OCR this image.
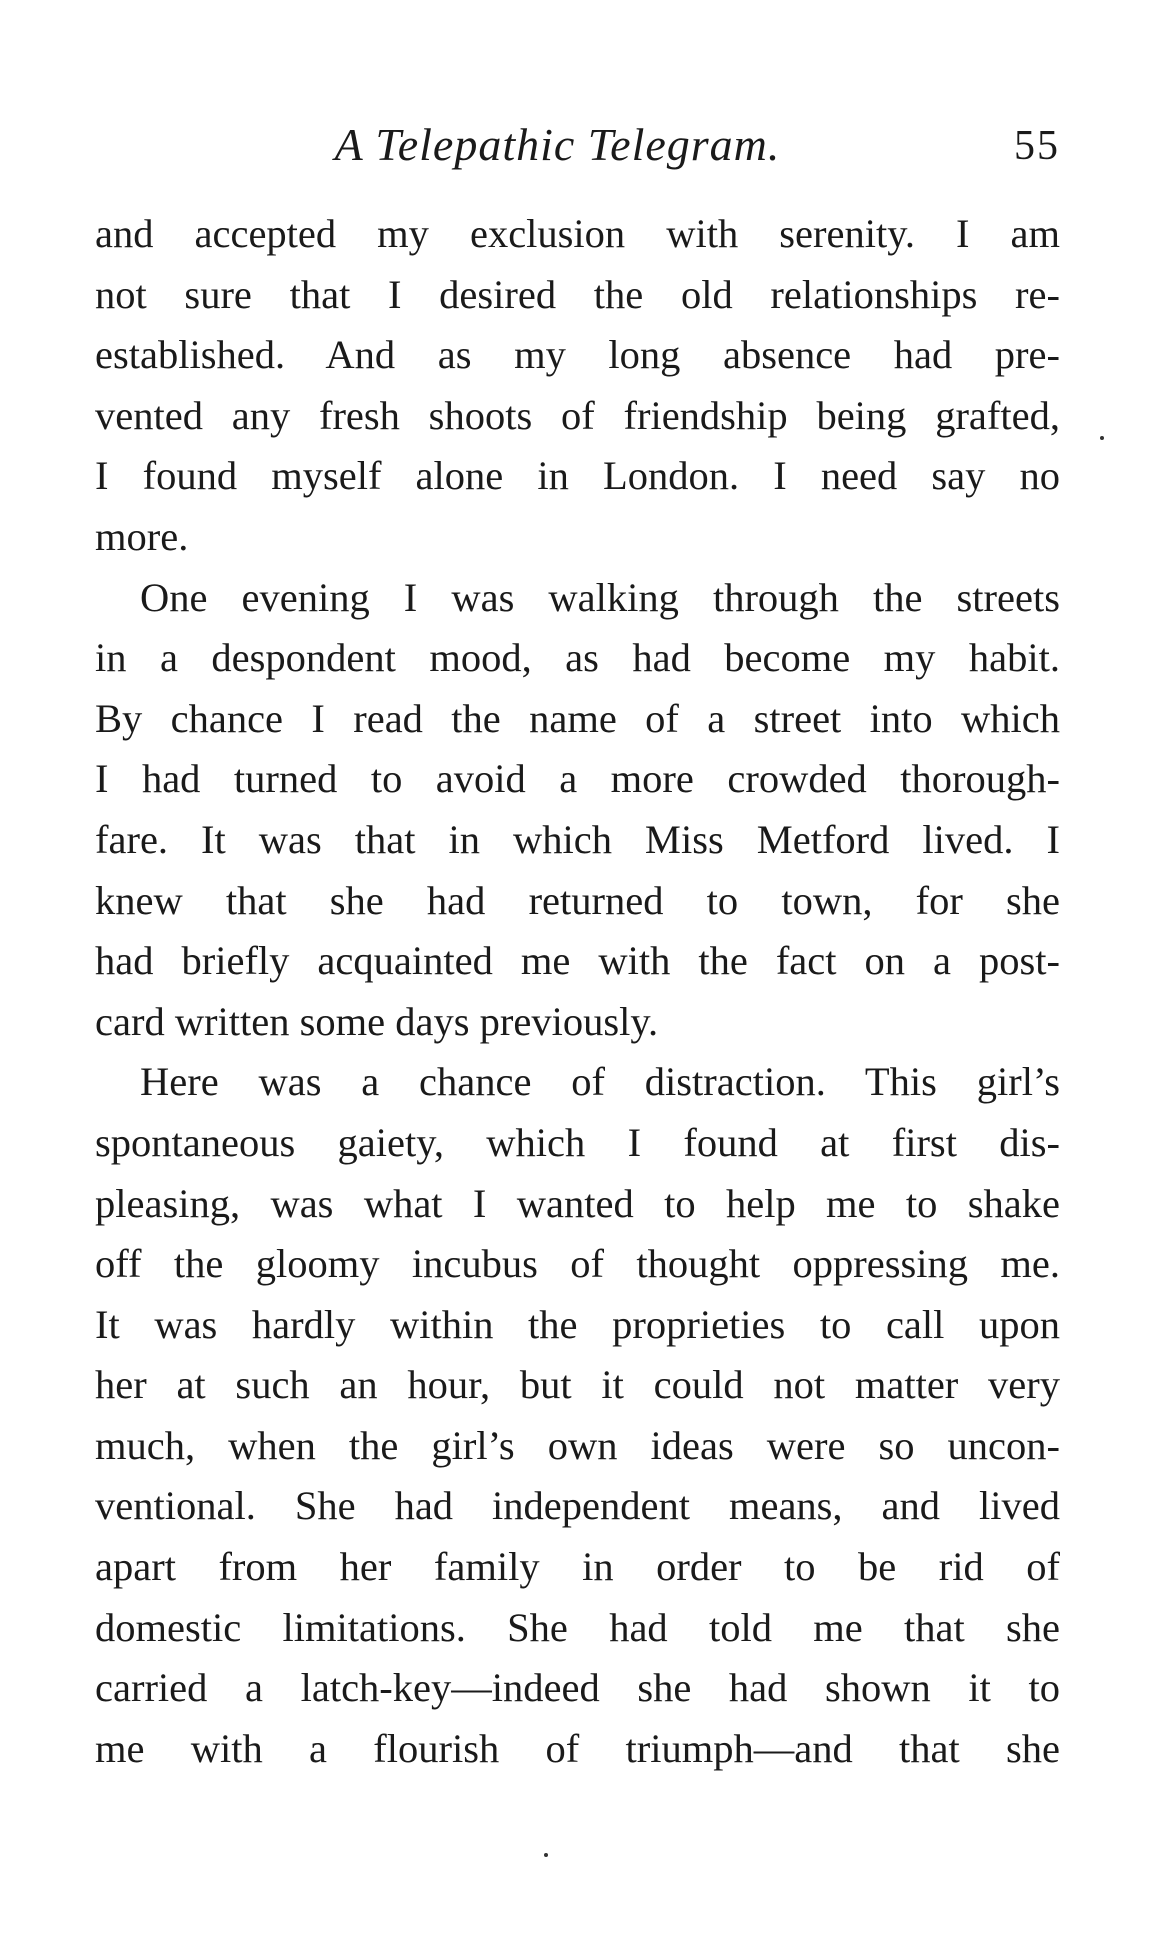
A Telepathic Telegram.	55

and accepted my exclusion with serenity. I am
not sure that I desired the old relationships re-
established. And as my long absence had pre-
vented any fresh shoots of friendship being grafted,
I found myself alone in London. I need say no
more.

One evening I was walking through the streets
in a despondent mood, as had become my habit.
By chance I read the name of a street into which
I had turned to avoid a more crowded thorough-
fare. It was that in which Miss Metford lived. I
knew that she had returned to town, for she
had briefly acquainted me with the fact on a post-
card written some days previously.

Here was a chance of distraction. This girl’s
spontaneous gaiety, which I found at first dis-
pleasing, was what I wanted to help me to shake
off the gloomy incubus of thought oppressing me.
It was hardly within the proprieties to call upon
her at such an hour, but it could not matter very
much, when the girl’s own ideas were so uncon-
ventional. She had independent means, and lived
apart from her family in order to be rid of
domestic limitations. She had told me that she
carried a latch-key—indeed she had shown it to
me with a flourish of triumph—and that she
